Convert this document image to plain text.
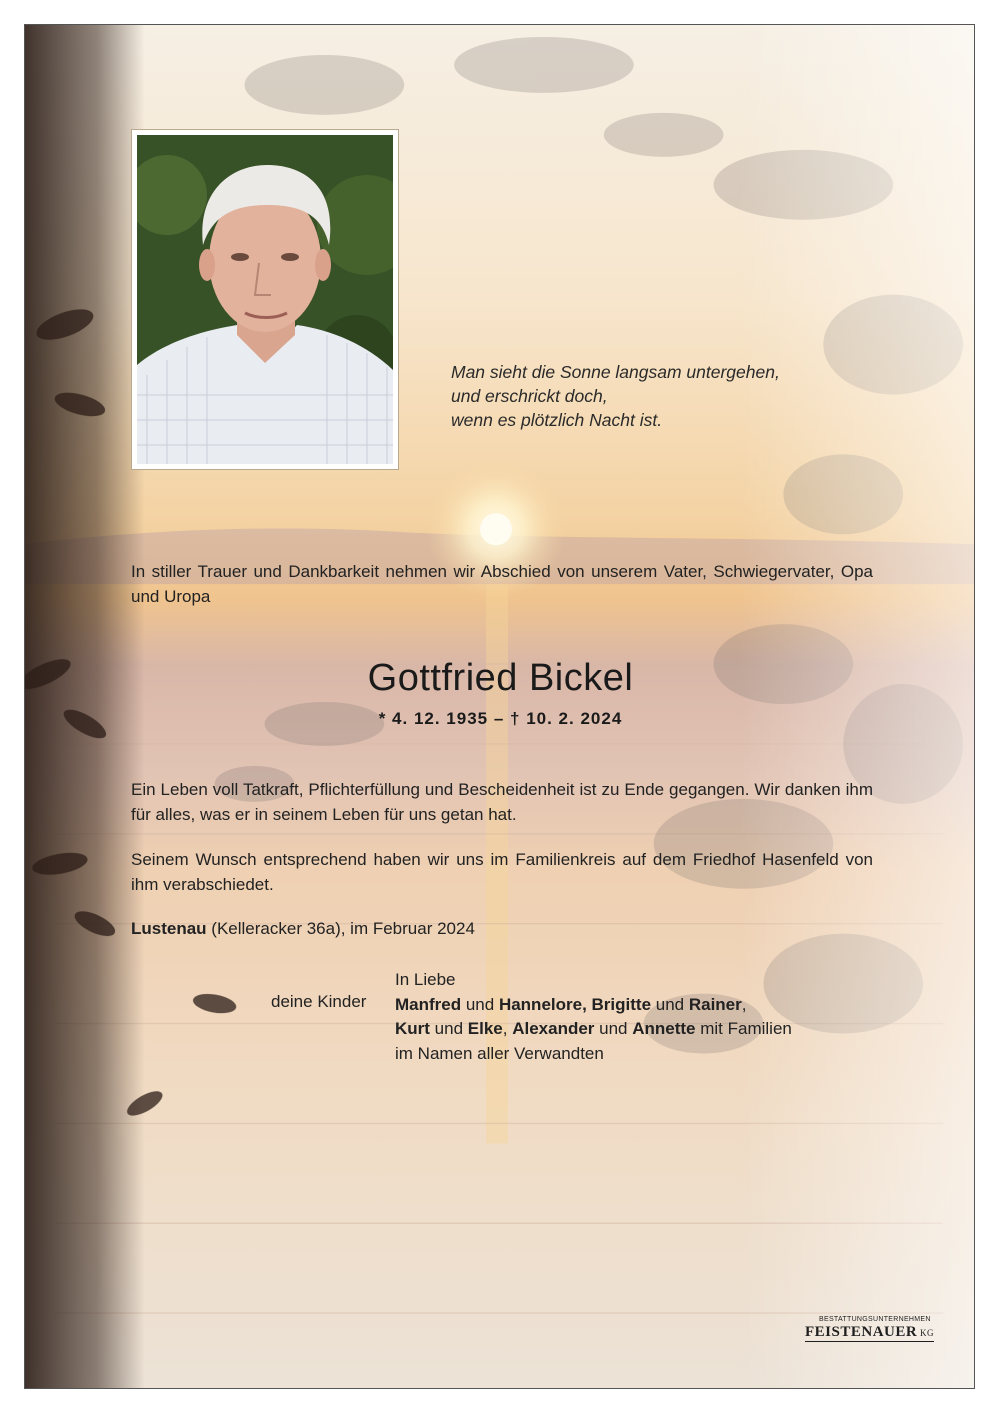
Man sieht die Sonne langsam untergehen,
und erschrickt doch,
wenn es plötzlich Nacht ist.
In stiller Trauer und Dankbarkeit nehmen wir Abschied von unserem Vater, Schwiegervater, Opa und Uropa
Gottfried Bickel
* 4. 12. 1935 – † 10. 2. 2024
Ein Leben voll Tatkraft, Pflichterfüllung und Bescheidenheit ist zu Ende gegangen. Wir danken ihm für alles, was er in seinem Leben für uns getan hat.
Seinem Wunsch entsprechend haben wir uns im Familienkreis auf dem Friedhof Hasenfeld von ihm verabschiedet.
Lustenau (Kelleracker 36a), im Februar 2024
deine Kinder
In Liebe
Manfred und Hannelore, Brigitte und Rainer,
Kurt und Elke, Alexander und Annette mit Familien
im Namen aller Verwandten
BESTATTUNGSUNTERNEHMEN
FEISTENAUER KG
